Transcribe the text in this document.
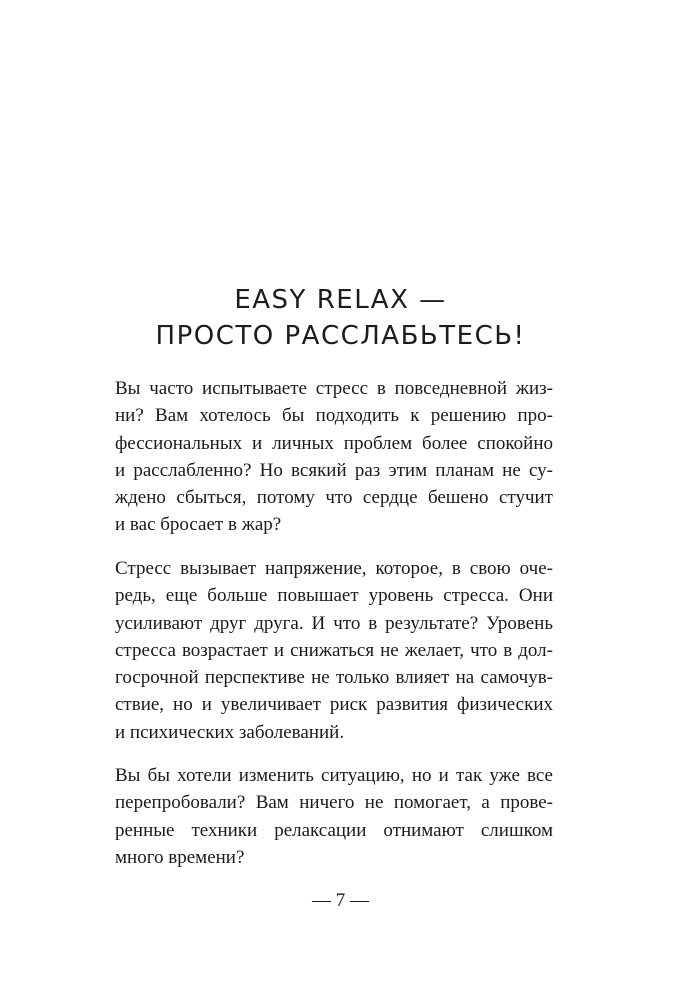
EASY RELAX —
ПРОСТО РАССЛАБЬТЕСЬ!
Вы часто испытываете стресс в повседневной жиз-
ни? Вам хотелось бы подходить к решению про-
фессиональных и личных проблем более спокойно
и расслабленно? Но всякий раз этим планам не су-
ждено сбыться, потому что сердце бешено стучит
и вас бросает в жар?
Стресс вызывает напряжение, которое, в свою оче-
редь, еще больше повышает уровень стресса. Они
усиливают друг друга. И что в результате? Уровень
стресса возрастает и снижаться не желает, что в дол-
госрочной перспективе не только влияет на самочув-
ствие, но и увеличивает риск развития физических
и психических заболеваний.
Вы бы хотели изменить ситуацию, но и так уже все
перепробовали? Вам ничего не помогает, а прове-
ренные техники релаксации отнимают слишком
много времени?
— 7 —
